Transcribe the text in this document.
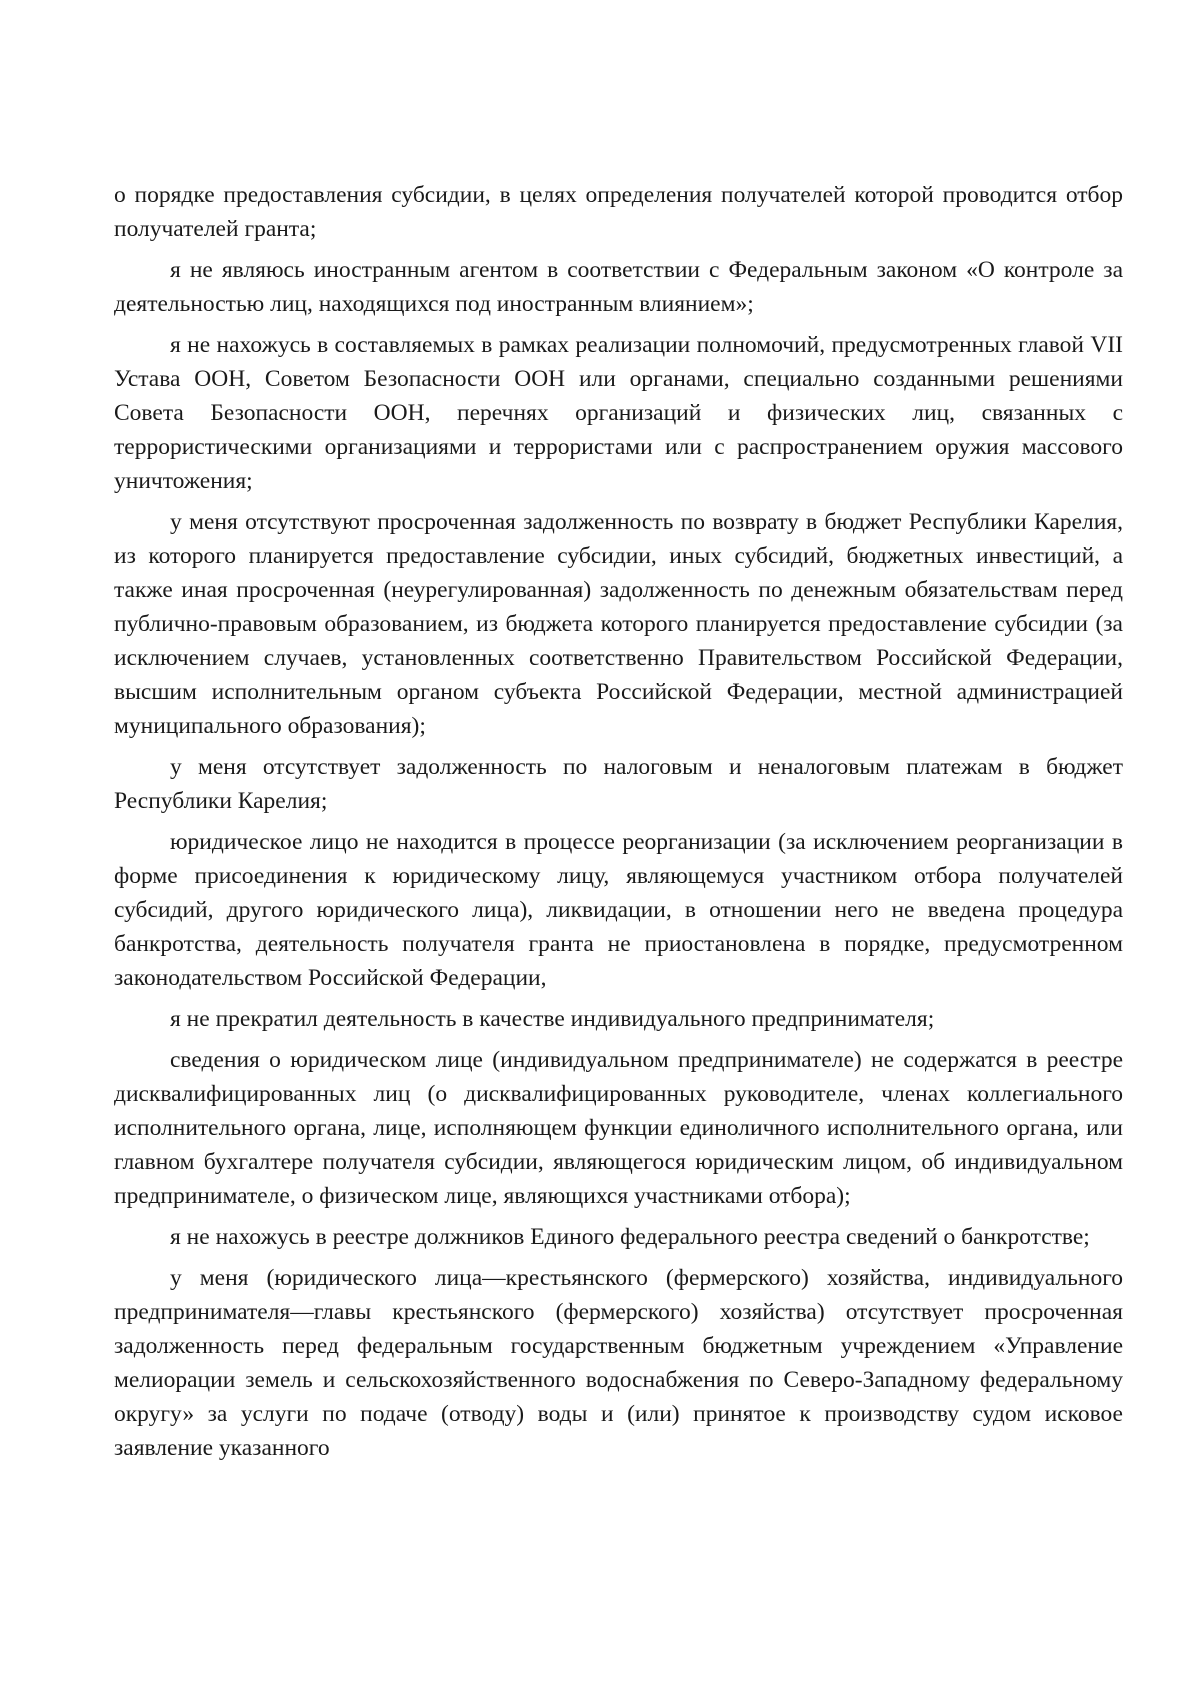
о порядке предоставления субсидии, в целях определения получателей которой проводится отбор получателей гранта;

я не являюсь иностранным агентом в соответствии с Федеральным законом «О контроле за деятельностью лиц, находящихся под иностранным влиянием»;

я не нахожусь в составляемых в рамках реализации полномочий, предусмотренных главой VII Устава ООН, Советом Безопасности ООН или органами, специально созданными решениями Совета Безопасности ООН, перечнях организаций и физических лиц, связанных с террористическими организациями и террористами или с распространением оружия массового уничтожения;

у меня отсутствуют просроченная задолженность по возврату в бюджет Республики Карелия, из которого планируется предоставление субсидии, иных субсидий, бюджетных инвестиций, а также иная просроченная (неурегулированная) задолженность по денежным обязательствам перед публично-правовым образованием, из бюджета которого планируется предоставление субсидии (за исключением случаев, установленных соответственно Правительством Российской Федерации, высшим исполнительным органом субъекта Российской Федерации, местной администрацией муниципального образования);

у меня отсутствует задолженность по налоговым и неналоговым платежам в бюджет Республики Карелия;

юридическое лицо не находится в процессе реорганизации (за исключением реорганизации в форме присоединения к юридическому лицу, являющемуся участником отбора получателей субсидий, другого юридического лица), ликвидации, в отношении него не введена процедура банкротства, деятельность получателя гранта не приостановлена в порядке, предусмотренном законодательством Российской Федерации,

я не прекратил деятельность в качестве индивидуального предпринимателя;

сведения о юридическом лице (индивидуальном предпринимателе) не содержатся в реестре дисквалифицированных лиц (о дисквалифицированных руководителе, членах коллегиального исполнительного органа, лице, исполняющем функции единоличного исполнительного органа, или главном бухгалтере получателя субсидии, являющегося юридическим лицом, об индивидуальном предпринимателе, о физическом лице, являющихся участниками отбора);

я не нахожусь в реестре должников Единого федерального реестра сведений о банкротстве;

у меня (юридического лица—крестьянского (фермерского) хозяйства, индивидуального предпринимателя—главы крестьянского (фермерского) хозяйства) отсутствует просроченная задолженность перед федеральным государственным бюджетным учреждением «Управление мелиорации земель и сельскохозяйственного водоснабжения по Северо-Западному федеральному округу» за услуги по подаче (отводу) воды и (или) принятое к производству судом исковое заявление указанного
